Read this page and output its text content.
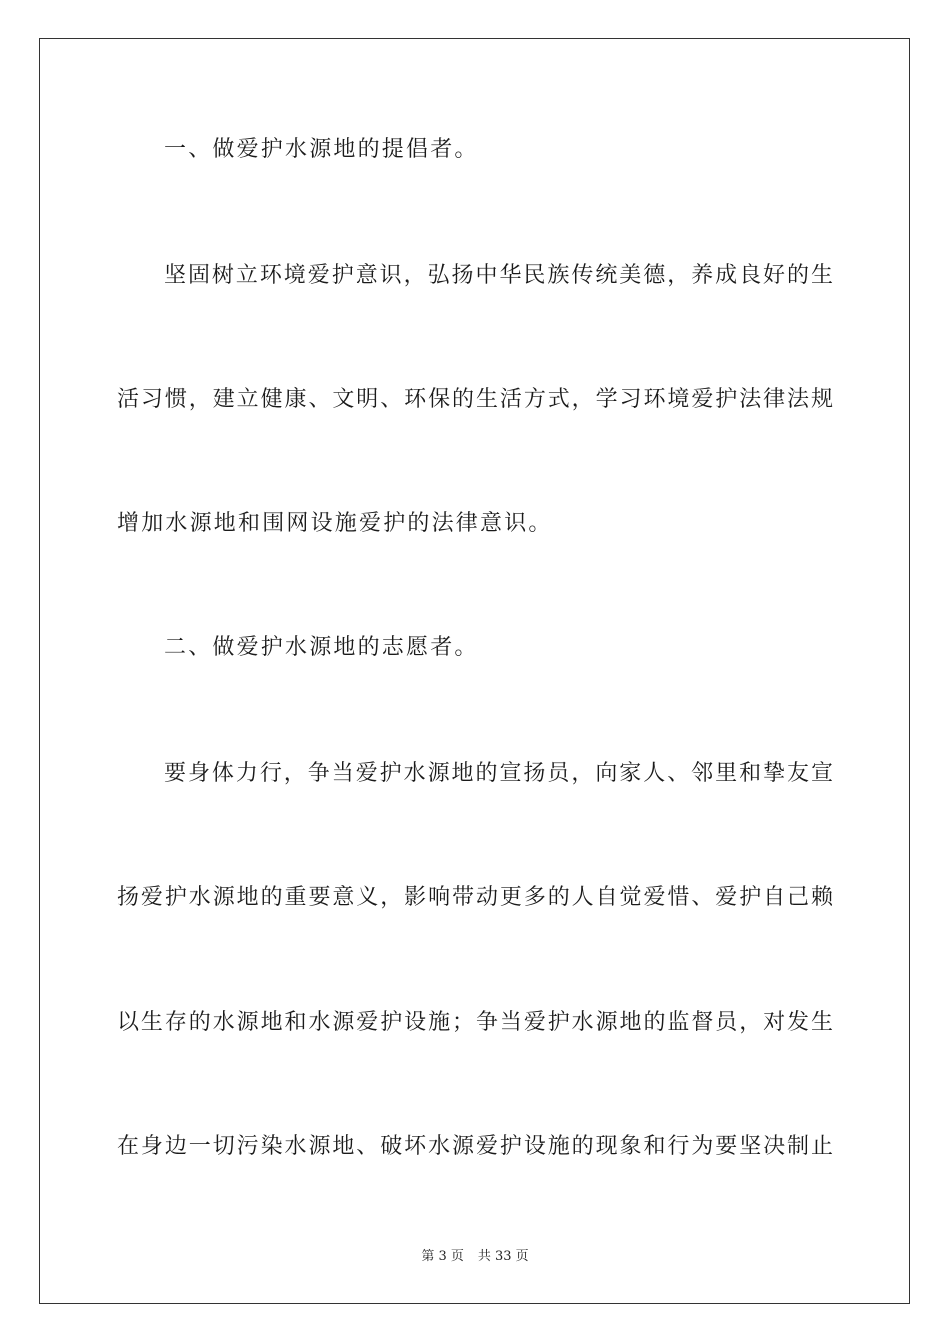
一、做爱护水源地的提倡者。
坚固树立环境爱护意识，弘扬中华民族传统美德，养成良好的生
活习惯，建立健康、文明、环保的生活方式，学习环境爱护法律法规
增加水源地和围网设施爱护的法律意识。
二、做爱护水源地的志愿者。
要身体力行，争当爱护水源地的宣扬员，向家人、邻里和挚友宣
扬爱护水源地的重要意义，影响带动更多的人自觉爱惜、爱护自己赖
以生存的水源地和水源爱护设施；争当爱护水源地的监督员，对发生
在身边一切污染水源地、破坏水源爱护设施的现象和行为要坚决制止
第 3 页 共 33 页
